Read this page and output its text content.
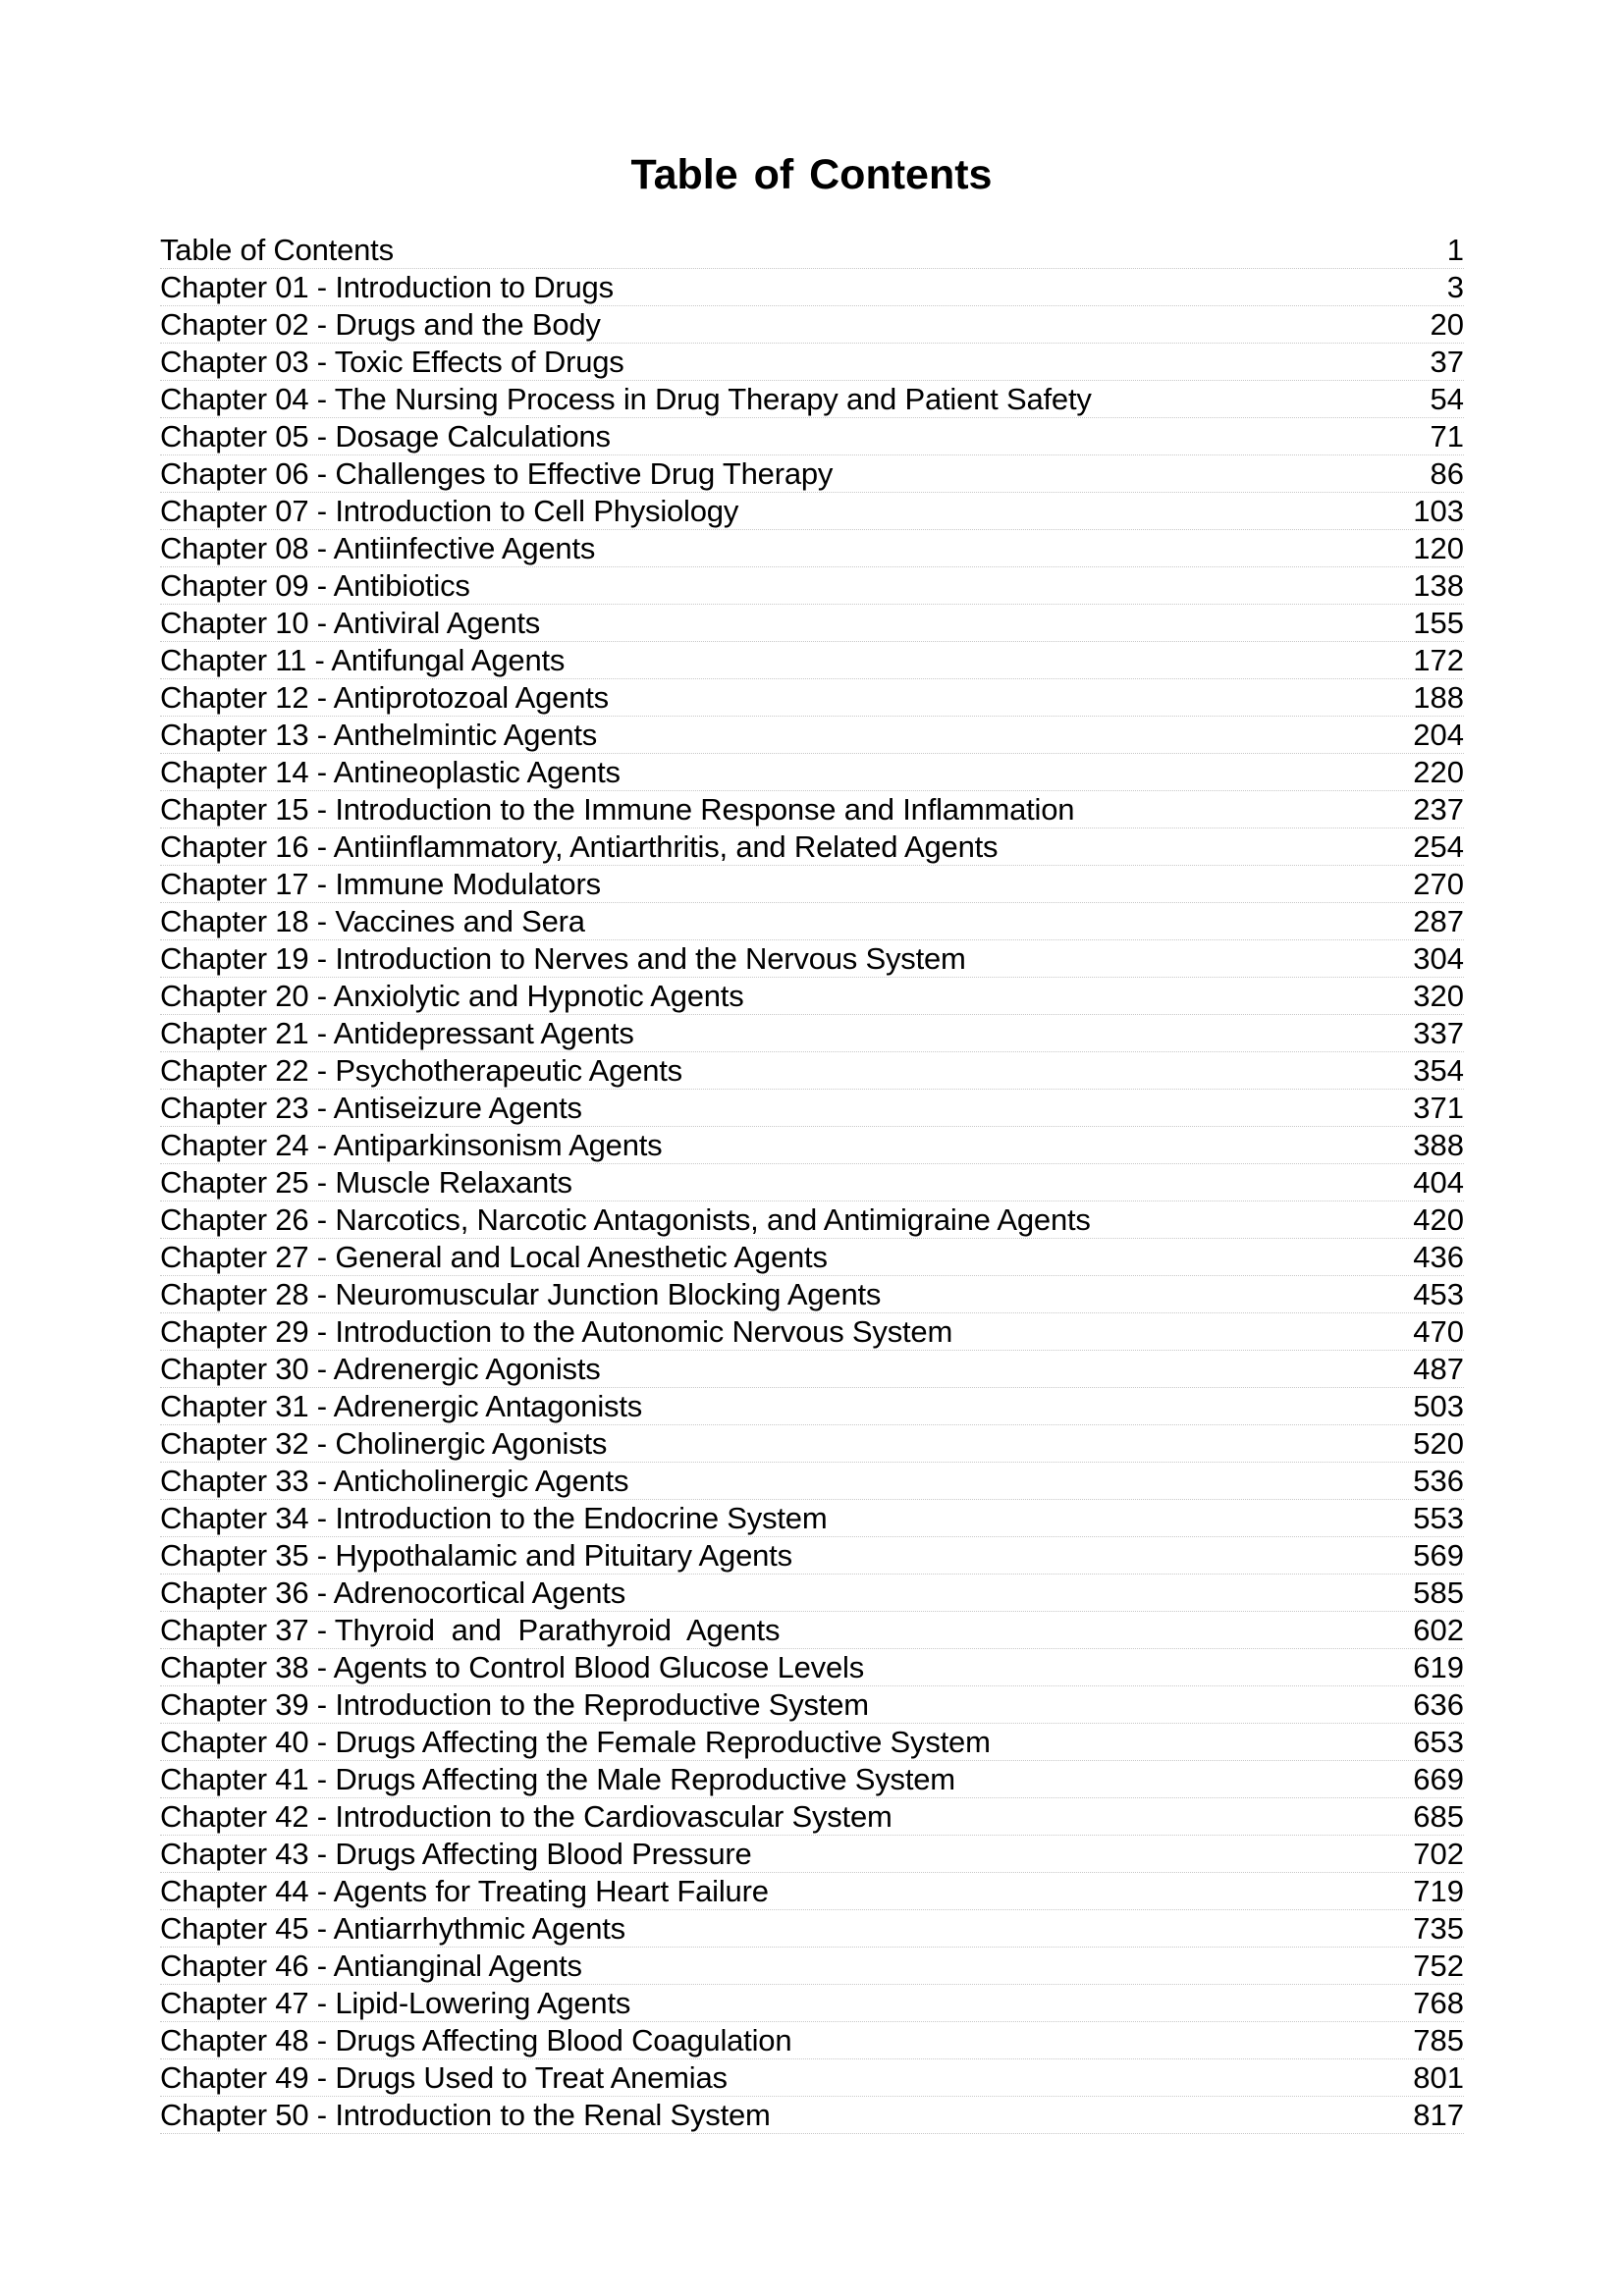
Table of Contents
Table of Contents	1
Chapter 01 - Introduction to Drugs	3
Chapter 02 - Drugs and the Body	20
Chapter 03 - Toxic Effects of Drugs	37
Chapter 04 - The Nursing Process in Drug Therapy and Patient Safety	54
Chapter 05 - Dosage Calculations	71
Chapter 06 - Challenges to Effective Drug Therapy	86
Chapter 07 - Introduction to Cell Physiology	103
Chapter 08 - Antiinfective Agents	120
Chapter 09 - Antibiotics	138
Chapter 10 - Antiviral Agents	155
Chapter 11 - Antifungal Agents	172
Chapter 12 - Antiprotozoal Agents	188
Chapter 13 - Anthelmintic Agents	204
Chapter 14 - Antineoplastic Agents	220
Chapter 15 - Introduction to the Immune Response and Inflammation	237
Chapter 16 - Antiinflammatory, Antiarthritis, and Related Agents	254
Chapter 17 - Immune Modulators	270
Chapter 18 - Vaccines and Sera	287
Chapter 19 - Introduction to Nerves and the Nervous System	304
Chapter 20 - Anxiolytic and Hypnotic Agents	320
Chapter 21 - Antidepressant Agents	337
Chapter 22 - Psychotherapeutic Agents	354
Chapter 23 - Antiseizure Agents	371
Chapter 24 - Antiparkinsonism Agents	388
Chapter 25 - Muscle Relaxants	404
Chapter 26 - Narcotics, Narcotic Antagonists, and Antimigraine Agents	420
Chapter 27 - General and Local Anesthetic Agents	436
Chapter 28 - Neuromuscular Junction Blocking Agents	453
Chapter 29 - Introduction to the Autonomic Nervous System	470
Chapter 30 - Adrenergic Agonists	487
Chapter 31 - Adrenergic Antagonists	503
Chapter 32 - Cholinergic Agonists	520
Chapter 33 - Anticholinergic Agents	536
Chapter 34 - Introduction to the Endocrine System	553
Chapter 35 - Hypothalamic and Pituitary Agents	569
Chapter 36 - Adrenocortical Agents	585
Chapter 37 - Thyroid  and  Parathyroid  Agents	602
Chapter 38 - Agents to Control Blood Glucose Levels	619
Chapter 39 - Introduction to the Reproductive System	636
Chapter 40 - Drugs Affecting the Female Reproductive System	653
Chapter 41 - Drugs Affecting the Male Reproductive System	669
Chapter 42 - Introduction to the Cardiovascular System	685
Chapter 43 - Drugs Affecting Blood Pressure	702
Chapter 44 - Agents for Treating Heart Failure	719
Chapter 45 - Antiarrhythmic Agents	735
Chapter 46 - Antianginal Agents	752
Chapter 47 - Lipid-Lowering Agents	768
Chapter 48 - Drugs Affecting Blood Coagulation	785
Chapter 49 - Drugs Used to Treat Anemias	801
Chapter 50 - Introduction to the Renal System	817
